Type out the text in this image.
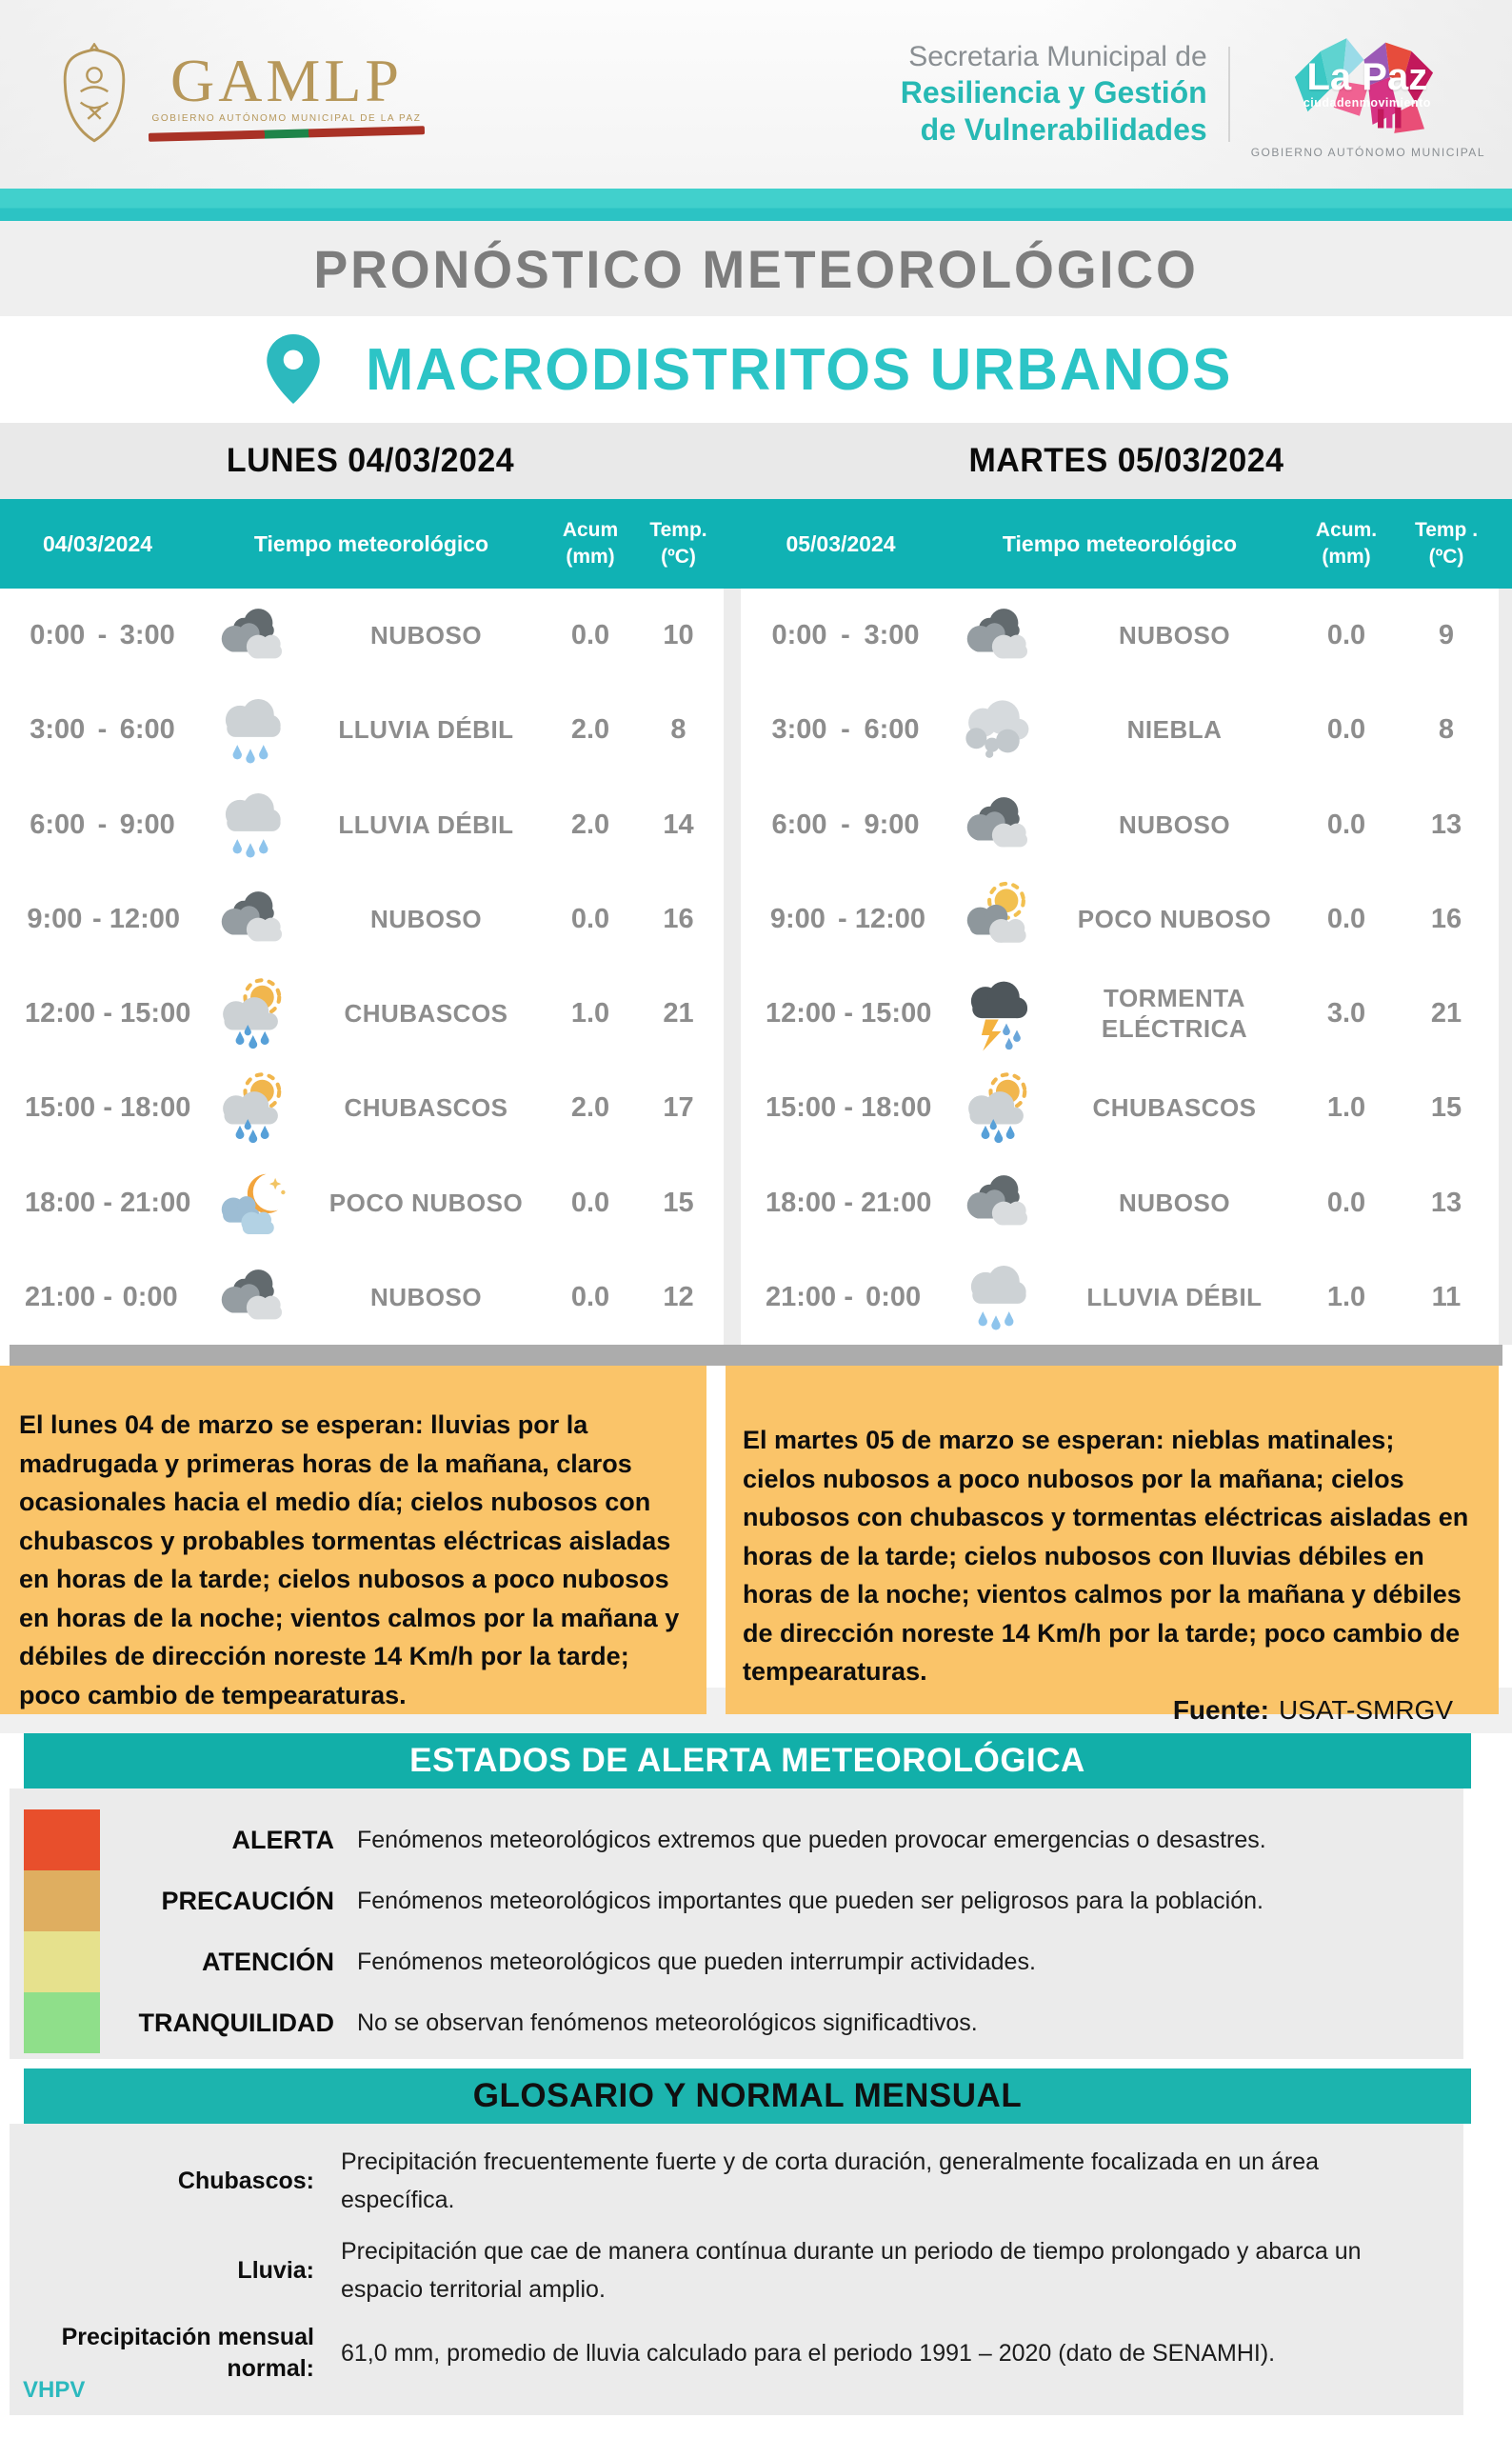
GAMLP
GOBIERNO AUTÓNOMO MUNICIPAL DE LA PAZ
Secretaria Municipal de
Resiliencia y Gestión
de Vulnerabilidades
La Paz
ciudadenmovimiento
GOBIERNO AUTÓNOMO MUNICIPAL
PRONÓSTICO METEOROLÓGICO
MACRODISTRITOS URBANOS
LUNES 04/03/2024	MARTES 05/03/2024
04/03/2024	Tiempo meteorológico
Acum
(mm)
Temp.
(ºC)
05/03/2024	Tiempo meteorológico
Acum.
(mm)
Temp .
(ºC)
0:00 - 3:00	NUBOSO	0.0	10
3:00 - 6:00	LLUVIA DÉBIL	2.0	8
6:00 - 9:00	LLUVIA DÉBIL	2.0	14
9:00 - 12:00	NUBOSO	0.0	16
12:00 - 15:00	CHUBASCOS	1.0	21
15:00 - 18:00	CHUBASCOS	2.0	17
18:00 - 21:00	POCO NUBOSO	0.0	15
21:00 - 0:00	NUBOSO	0.0	12
0:00 - 3:00	NUBOSO	0.0	9
3:00 - 6:00	NIEBLA	0.0	8
6:00 - 9:00	NUBOSO	0.0	13
9:00 - 12:00	POCO NUBOSO	0.0	16
12:00 - 15:00	TORMENTA ELÉCTRICA	3.0	21
15:00 - 18:00	CHUBASCOS	1.0	15
18:00 - 21:00	NUBOSO	0.0	13
21:00 - 0:00	LLUVIA DÉBIL	1.0	11
El lunes 04 de marzo se esperan: lluvias por la madrugada y primeras horas de la mañana, claros ocasionales hacia el medio día; cielos nubosos con chubascos y probables tormentas eléctricas aisladas en horas de la tarde; cielos nubosos a poco nubosos en horas de la noche; vientos calmos por la mañana y débiles de dirección noreste 14 Km/h por la tarde; poco cambio de tempearaturas.
El martes 05 de marzo se esperan: nieblas matinales; cielos nubosos a poco nubosos por la mañana; cielos nubosos con chubascos y tormentas eléctricas aisladas en horas de la tarde; cielos nubosos con lluvias débiles en horas de la noche; vientos calmos por la mañana y débiles de dirección noreste 14 Km/h por la tarde; poco cambio de tempearaturas.
Fuente: USAT-SMRGV
ESTADOS DE ALERTA METEOROLÓGICA
ALERTA Fenómenos meteorológicos extremos que pueden provocar emergencias o desastres.
PRECAUCIÓN Fenómenos meteorológicos importantes que pueden ser peligrosos para la población.
ATENCIÓN Fenómenos meteorológicos que pueden interrumpir actividades.
TRANQUILIDAD No se observan fenómenos meteorológicos significadtivos.
GLOSARIO Y NORMAL MENSUAL
Chubascos:
Precipitación frecuentemente fuerte y de corta duración, generalmente focalizada en un área específica.
Lluvia:
Precipitación que cae de manera contínua durante un periodo de tiempo prolongado y abarca un espacio territorial amplio.
Precipitación mensual normal:
61,0 mm, promedio de lluvia calculado para el periodo 1991 – 2020 (dato de SENAMHI).
VHPV
